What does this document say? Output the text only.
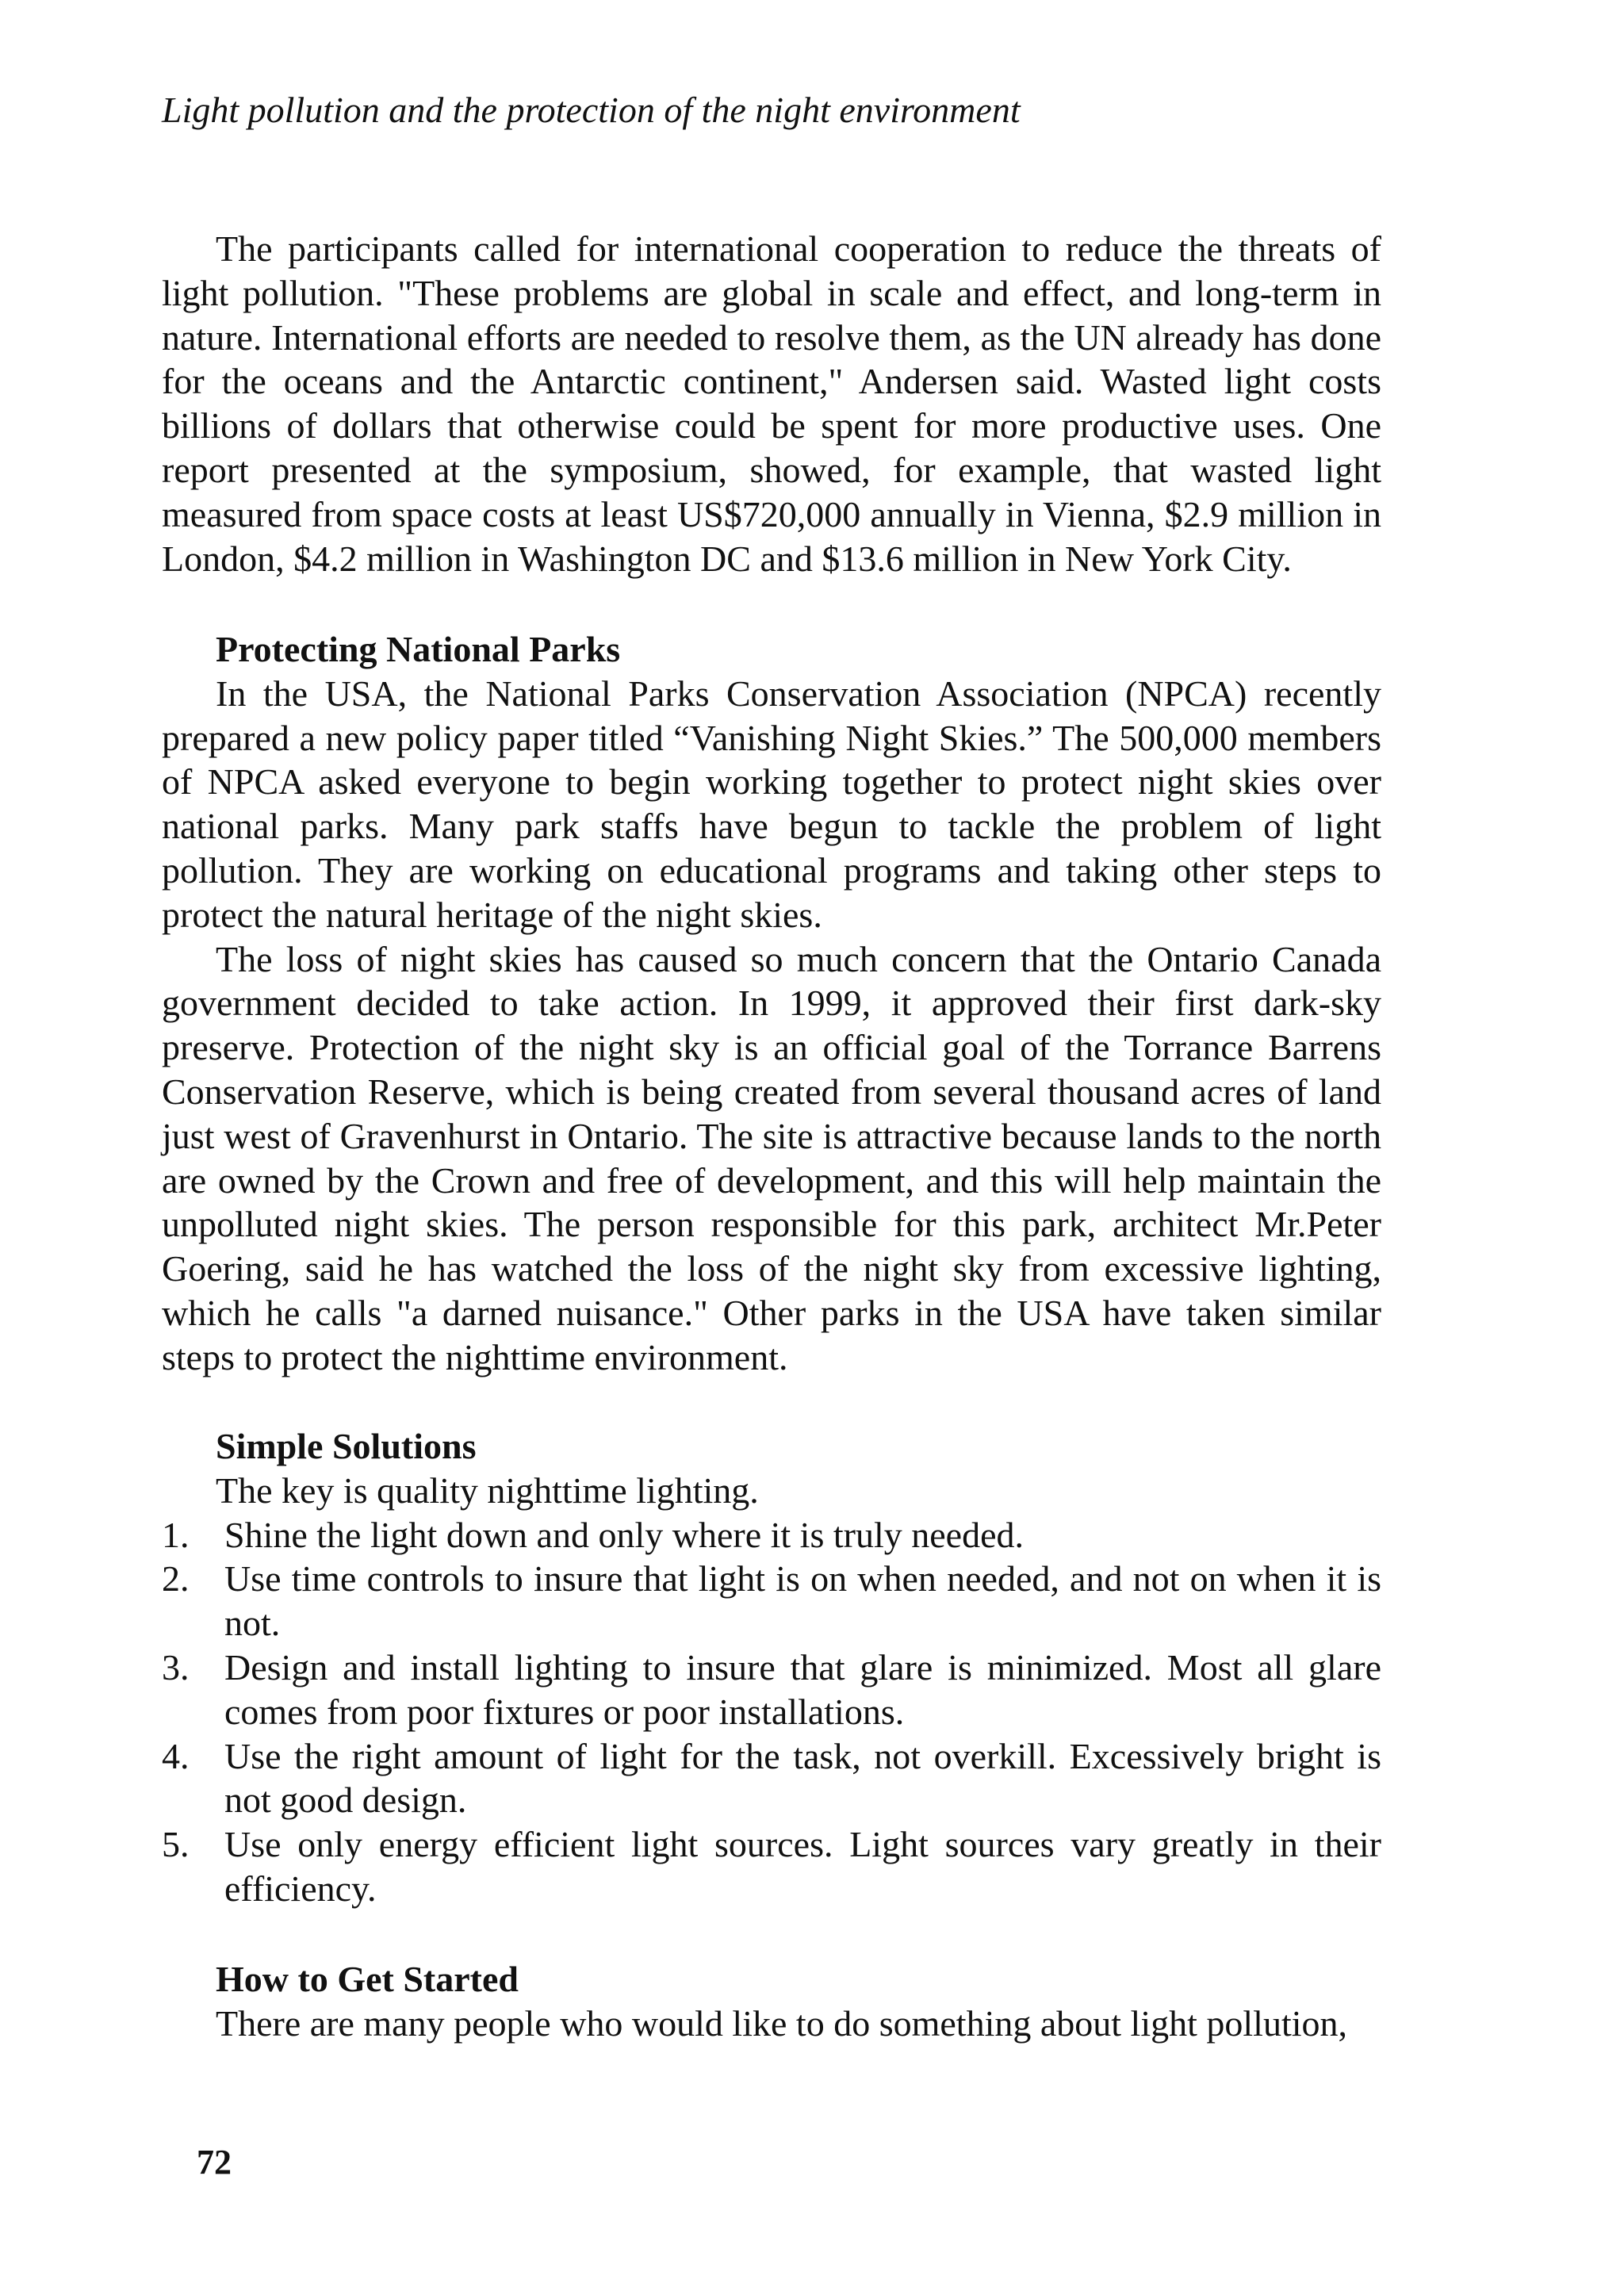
Light pollution and the protection of the night environment

The participants called for international cooperation to reduce the threats of light pollution. "These problems are global in scale and effect, and long-term in nature. International efforts are needed to resolve them, as the UN already has done for the oceans and the Antarctic continent," Andersen said. Wasted light costs billions of dollars that otherwise could be spent for more productive uses. One report presented at the symposium, showed, for example, that wasted light measured from space costs at least US$720,000 annually in Vienna, $2.9 million in London, $4.2 million in Washington DC and $13.6 million in New York City.

Protecting National Parks

In the USA, the National Parks Conservation Association (NPCA) recently prepared a new policy paper titled “Vanishing Night Skies.” The 500,000 members of NPCA asked everyone to begin working together to protect night skies over national parks. Many park staffs have begun to tackle the problem of light pollution. They are working on educational programs and taking other steps to protect the natural heritage of the night skies.

The loss of night skies has caused so much concern that the Ontario Canada government decided to take action. In 1999, it approved their first dark-sky preserve. Protection of the night sky is an official goal of the Torrance Barrens Conservation Reserve, which is being created from several thousand acres of land just west of Gravenhurst in Ontario. The site is attractive because lands to the north are owned by the Crown and free of development, and this will help maintain the unpolluted night skies. The person responsible for this park, architect Mr.Peter Goering, said he has watched the loss of the night sky from excessive lighting, which he calls "a darned nuisance." Other parks in the USA have taken similar steps to protect the nighttime environment.

Simple Solutions

The key is quality nighttime lighting.

1. Shine the light down and only where it is truly needed.
2. Use time controls to insure that light is on when needed, and not on when it is not.
3. Design and install lighting to insure that glare is minimized. Most all glare comes from poor fixtures or poor installations.
4. Use the right amount of light for the task, not overkill. Excessively bright is not good design.
5. Use only energy efficient light sources. Light sources vary greatly in their efficiency.

How to Get Started

There are many people who would like to do something about light pollution,

72
